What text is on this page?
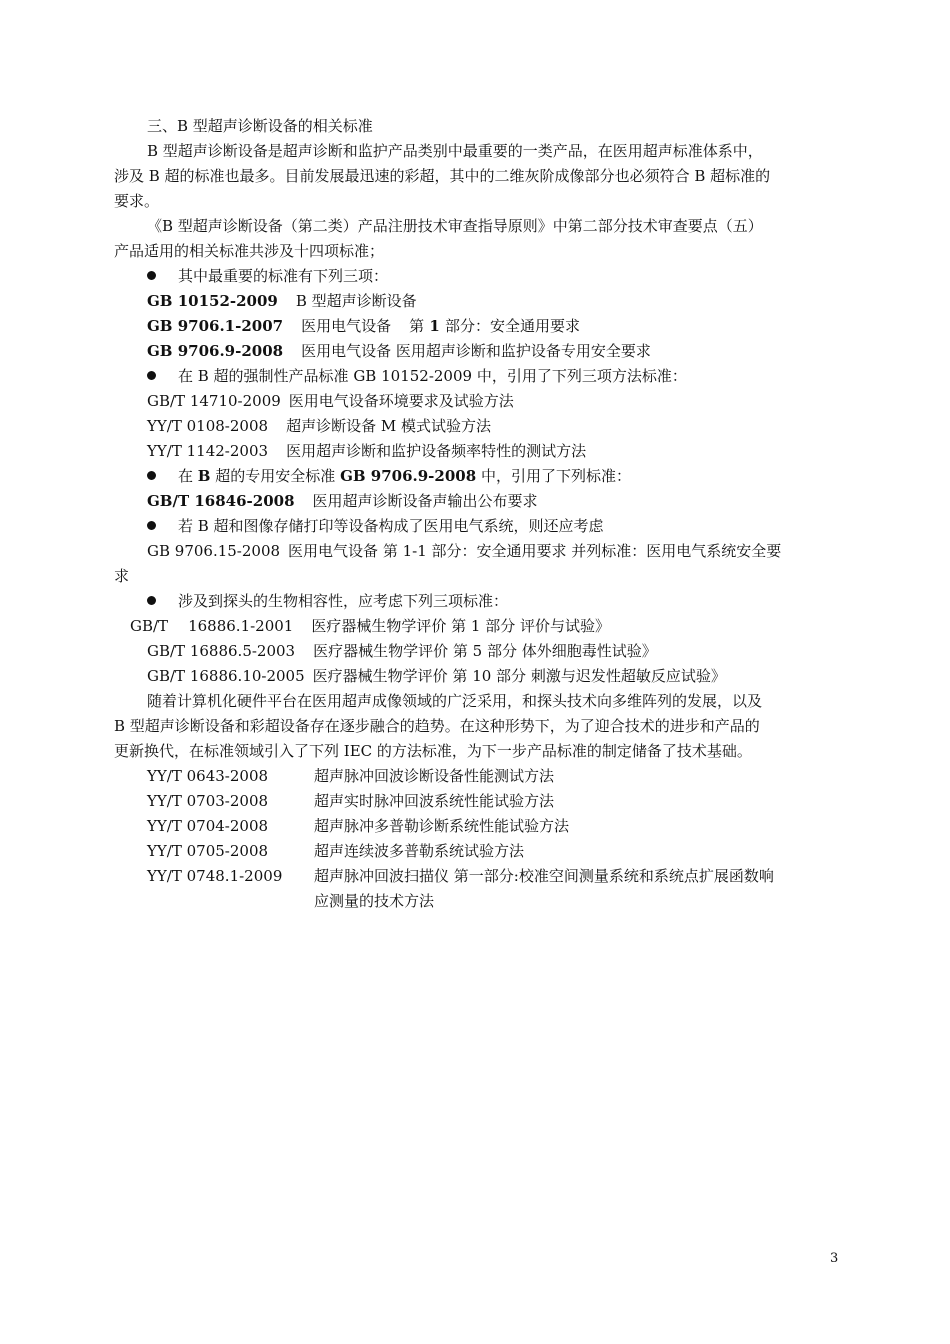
三、B 型超声诊断设备的相关标准
B 型超声诊断设备是超声诊断和监护产品类别中最重要的一类产品，在医用超声标准体系中，
涉及 B 超的标准也最多。目前发展最迅速的彩超，其中的二维灰阶成像部分也必须符合 B 超标准的
要求。
《B 型超声诊断设备（第二类）产品注册技术审查指导原则》中第二部分技术审查要点（五）
产品适用的相关标准共涉及十四项标准；
其中最重要的标准有下列三项：
GB 10152-2009 B 型超声诊断设备
GB 9706.1-2007 医用电气设备 第 1 部分：安全通用要求
GB 9706.9-2008 医用电气设备 医用超声诊断和监护设备专用安全要求
在 B 超的强制性产品标准 GB 10152-2009 中，引用了下列三项方法标准：
GB/T 14710-2009 医用电气设备环境要求及试验方法
YY/T 0108-2008 超声诊断设备 M 模式试验方法
YY/T 1142-2003 医用超声诊断和监护设备频率特性的测试方法
在 B 超的专用安全标准 GB 9706.9-2008 中，引用了下列标准：
GB/T 16846-2008 医用超声诊断设备声输出公布要求
若 B 超和图像存储打印等设备构成了医用电气系统，则还应考虑
GB 9706.15-2008 医用电气设备 第 1-1 部分：安全通用要求 并列标准：医用电气系统安全要
求
涉及到探头的生物相容性，应考虑下列三项标准：
GB/T 16886.1-2001 医疗器械生物学评价 第 1 部分 评价与试验》
GB/T 16886.5-2003 医疗器械生物学评价 第 5 部分 体外细胞毒性试验》
GB/T 16886.10-2005 医疗器械生物学评价 第 10 部分 刺激与迟发性超敏反应试验》
随着计算机化硬件平台在医用超声成像领域的广泛采用，和探头技术向多维阵列的发展，以及
B 型超声诊断设备和彩超设备存在逐步融合的趋势。在这种形势下，为了迎合技术的进步和产品的
更新换代，在标准领域引入了下列 IEC 的方法标准，为下一步产品标准的制定储备了技术基础。
YY/T 0643-2008	超声脉冲回波诊断设备性能测试方法
YY/T 0703-2008	超声实时脉冲回波系统性能试验方法
YY/T 0704-2008	超声脉冲多普勒诊断系统性能试验方法
YY/T 0705-2008	超声连续波多普勒系统试验方法
YY/T 0748.1-2009 超声脉冲回波扫描仪 第一部分:校准空间测量系统和系统点扩展函数响
应测量的技术方法
3
